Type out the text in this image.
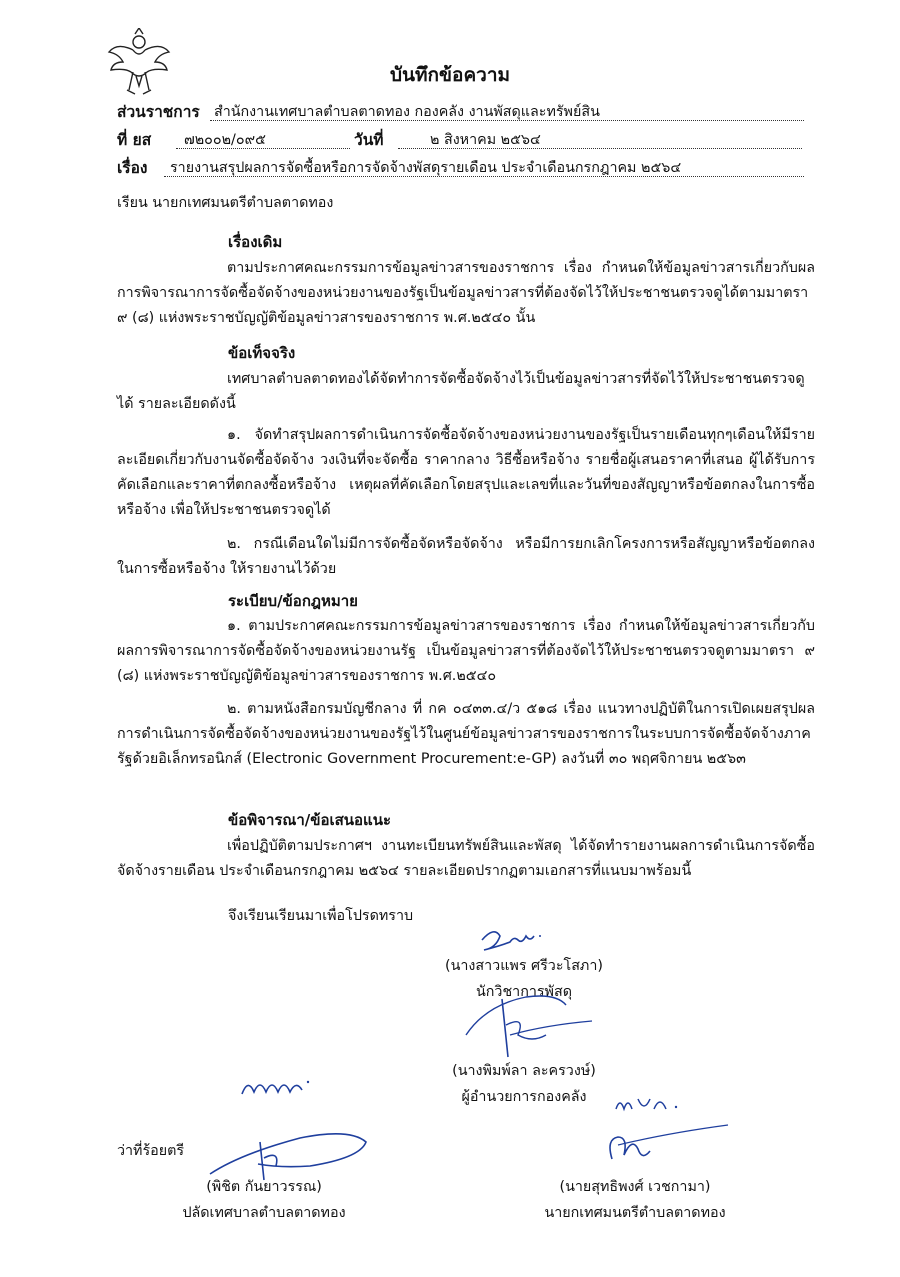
บันทึกข้อความ
ส่วนราชการ สำนักงานเทศบาลตำบลตาดทอง กองคลัง งานพัสดุและทรัพย์สิน
ที่ ยส ๗๒๐๐๒/๐๙๕	วันที่	๒ สิงหาคม ๒๕๖๔
เรื่อง รายงานสรุปผลการจัดซื้อหรือการจัดจ้างพัสดุรายเดือน ประจำเดือนกรกฎาคม ๒๕๖๔
เรียน นายกเทศมนตรีตำบลตาดทอง
เรื่องเดิม
ตามประกาศคณะกรรมการข้อมูลข่าวสารของราชการ เรื่อง กำหนดให้ข้อมูลข่าวสารเกี่ยวกับผลการพิจารณาการจัดซื้อจัดจ้างของหน่วยงานของรัฐเป็นข้อมูลข่าวสารที่ต้องจัดไว้ให้ประชาชนตรวจดูได้ตามมาตรา ๙ (๘) แห่งพระราชบัญญัติข้อมูลข่าวสารของราชการ พ.ศ.๒๕๔๐ นั้น
ข้อเท็จจริง
เทศบาลตำบลตาดทองได้จัดทำการจัดซื้อจัดจ้างไว้เป็นข้อมูลข่าวสารที่จัดไว้ให้ประชาชนตรวจดูได้ รายละเอียดดังนี้
๑. จัดทำสรุปผลการดำเนินการจัดซื้อจัดจ้างของหน่วยงานของรัฐเป็นรายเดือนทุกๆเดือนให้มีรายละเอียดเกี่ยวกับงานจัดซื้อจัดจ้าง วงเงินที่จะจัดซื้อ ราคากลาง วิธีซื้อหรือจ้าง รายชื่อผู้เสนอราคาที่เสนอ ผู้ได้รับการคัดเลือกและราคาที่ตกลงซื้อหรือจ้าง เหตุผลที่คัดเลือกโดยสรุปและเลขที่และวันที่ของสัญญาหรือข้อตกลงในการซื้อหรือจ้าง เพื่อให้ประชาชนตรวจดูได้
๒. กรณีเดือนใดไม่มีการจัดซื้อจัดหรือจัดจ้าง หรือมีการยกเลิกโครงการหรือสัญญาหรือข้อตกลงในการซื้อหรือจ้าง ให้รายงานไว้ด้วย
ระเบียบ/ข้อกฎหมาย
๑. ตามประกาศคณะกรรมการข้อมูลข่าวสารของราชการ เรื่อง กำหนดให้ข้อมูลข่าวสารเกี่ยวกับผลการพิจารณาการจัดซื้อจัดจ้างของหน่วยงานรัฐ เป็นข้อมูลข่าวสารที่ต้องจัดไว้ให้ประชาชนตรวจดูตามมาตรา ๙ (๘) แห่งพระราชบัญญัติข้อมูลข่าวสารของราชการ พ.ศ.๒๕๔๐
๒. ตามหนังสือกรมบัญชีกลาง ที่ กค ๐๔๓๓.๔/ว ๕๑๘ เรื่อง แนวทางปฏิบัติในการเปิดเผยสรุปผลการดำเนินการจัดซื้อจัดจ้างของหน่วยงานของรัฐไว้ในศูนย์ข้อมูลข่าวสารของราชการในระบบการจัดซื้อจัดจ้างภาครัฐด้วยอิเล็กทรอนิกส์ (Electronic Government Procurement:e-GP) ลงวันที่ ๓๐ พฤศจิกายน ๒๕๖๓
ข้อพิจารณา/ข้อเสนอแนะ
เพื่อปฏิบัติตามประกาศฯ งานทะเบียนทรัพย์สินและพัสดุ ได้จัดทำรายงานผลการดำเนินการจัดซื้อจัดจ้างรายเดือน ประจำเดือนกรกฎาคม ๒๕๖๔ รายละเอียดปรากฏตามเอกสารที่แนบมาพร้อมนี้
จึงเรียนเรียนมาเพื่อโปรดทราบ
(นางสาวแพร ศรีวะโสภา)
นักวิชาการพัสดุ
(นางพิมพ์ลา ละครวงษ์)
ผู้อำนวยการกองคลัง
ว่าที่ร้อยตรี
(พิชิต กันยาวรรณ)
ปลัดเทศบาลตำบลตาดทอง
(นายสุทธิพงศ์ เวชกามา)
นายกเทศมนตรีตำบลตาดทอง
